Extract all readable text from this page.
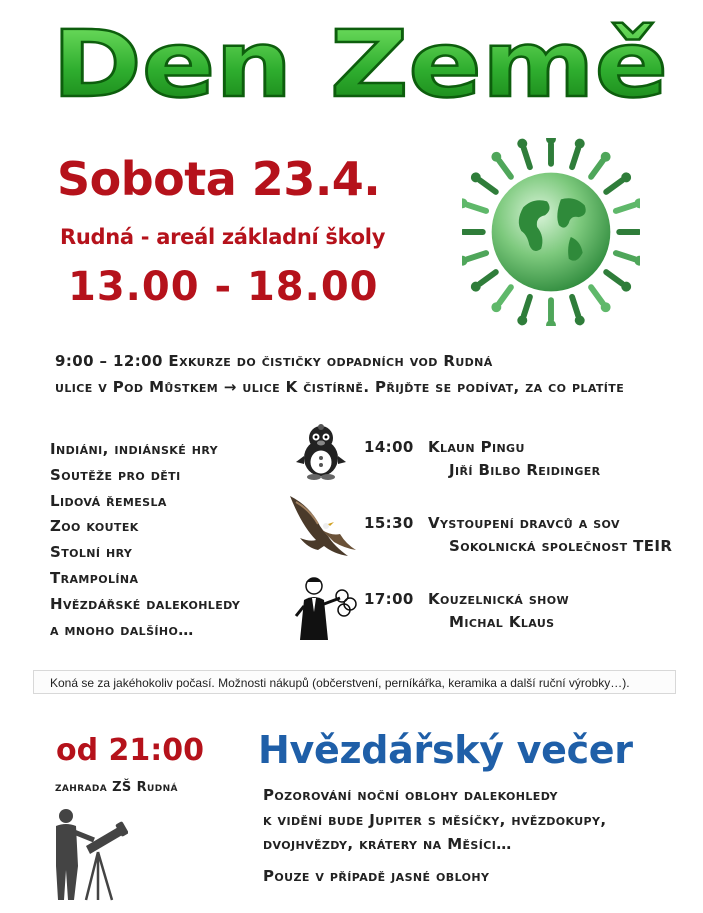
Den Země
Sobota 23.4.
Rudná - areál základní školy
13.00 - 18.00
9:00 – 12:00 Exkurze do čističky odpadních vod Rudná
ulice v Pod Můstkem → ulice K čistírně. Přijďte se podívat, za co platíte
Indiáni, indiánské hry
Soutěže pro děti
Lidová řemesla
Zoo koutek
Stolní hry
Trampolína
Hvězdářské dalekohledy
a mnoho dalšího…
14:00 Klaun Pingu
Jiří Bilbo Reidinger
15:30 Vystoupení dravců a sov
Sokolnická společnost TEIR
17:00 Kouzelnická show
Michal Klaus
Koná se za jakéhokoliv počasí. Možnosti nákupů (občerstvení, perníkářka, keramika a další ruční výrobky…).
od 21:00
zahrada ZŠ Rudná
Hvězdářský večer
Pozorování noční oblohy dalekohledy
k vidění bude Jupiter s měsíčky, hvězdokupy,
dvojhvězdy, krátery na Měsíci…
Pouze v případě jasné oblohy
